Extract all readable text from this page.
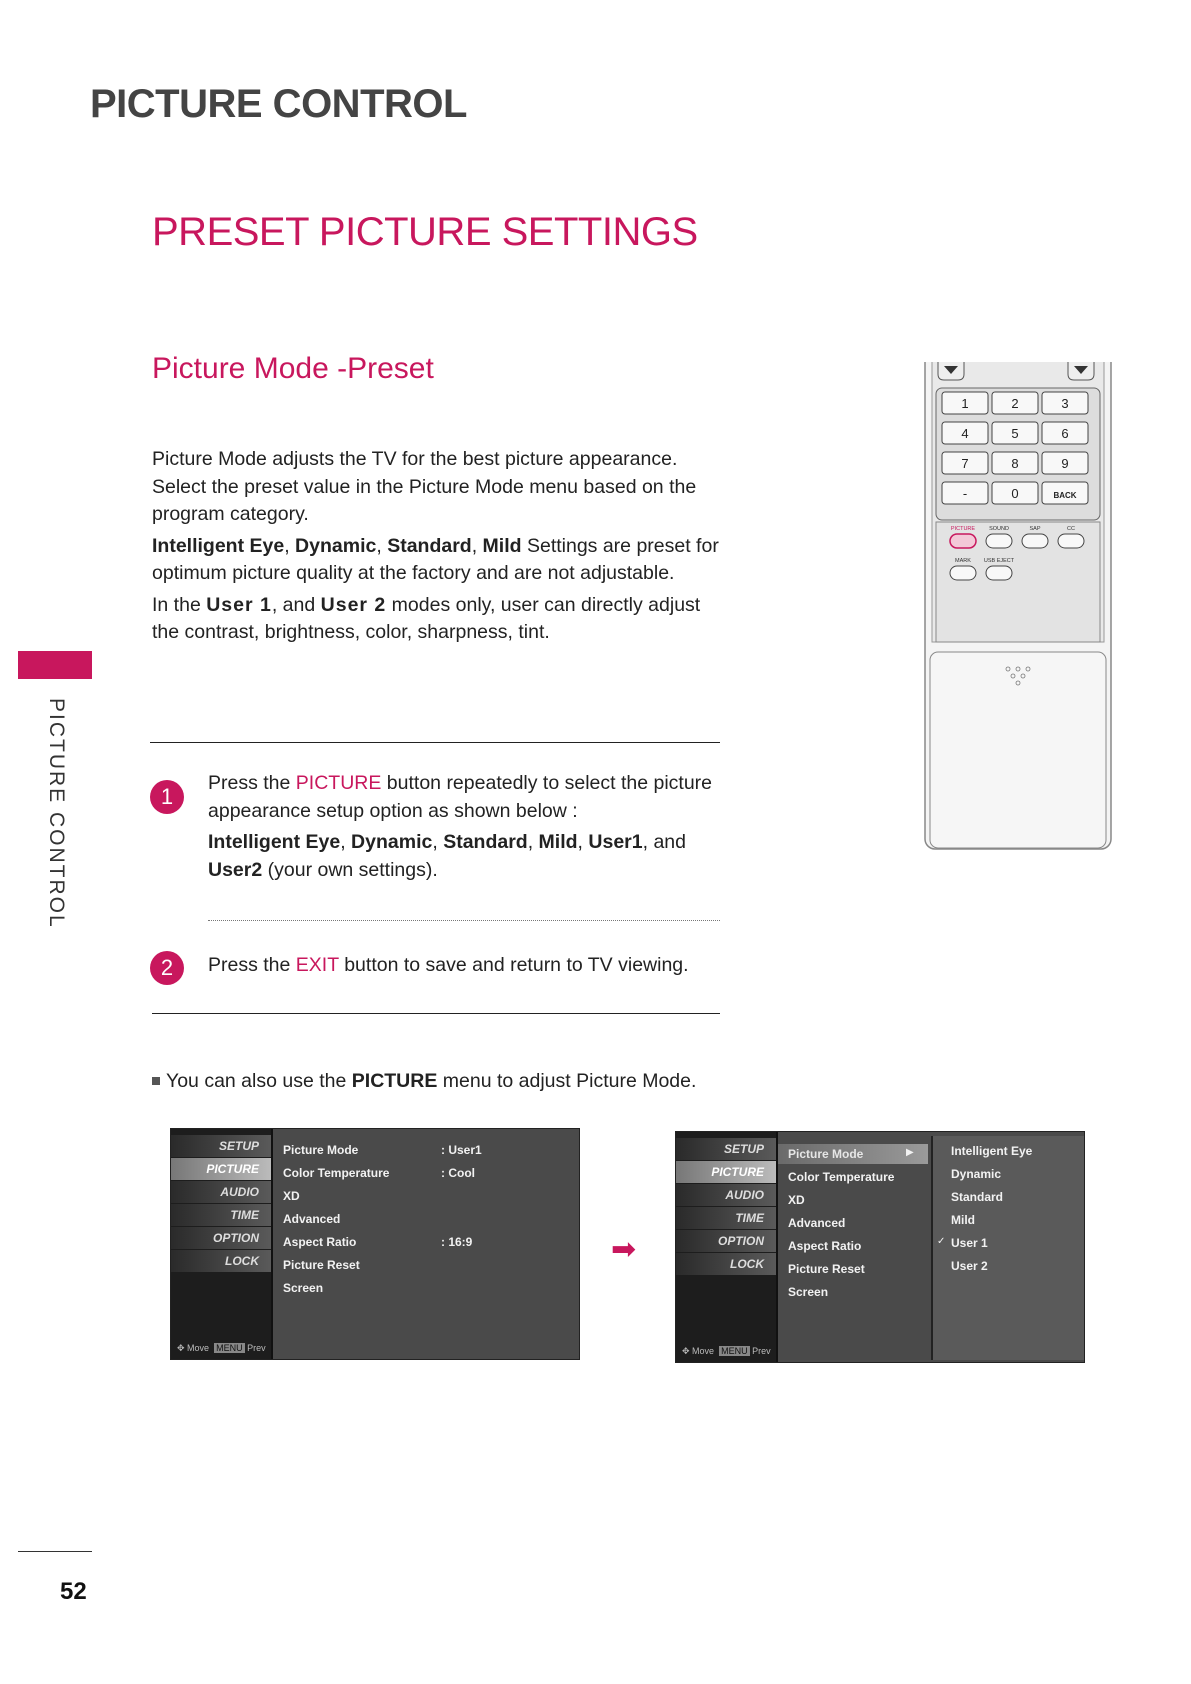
PICTURE CONTROL
PRESET PICTURE SETTINGS
Picture Mode -Preset
PICTURE CONTROL

Picture Mode adjusts the TV for the best picture appearance. Select the preset value in the Picture Mode menu based on the program category.

Intelligent Eye, Dynamic, Standard, Mild Settings are preset for optimum picture quality at the factory and are not adjustable.

In the User 1, and User 2 modes only, user can directly adjust the contrast, brightness, color, sharpness, tint.

1
Press the PICTURE button repeatedly to select the picture appearance setup option as shown below :
Intelligent Eye, Dynamic, Standard, Mild, User1, and
User2 (your own settings).
2	Press the EXIT button to save and return to TV viewing.
You can also use the PICTURE menu to adjust Picture Mode.
1	2	3
4	5	6
7	8	9
-	0	BACK
PICTURE	SOUND	SAP	CC
MARK USB EJECT
SETUP
PICTURE
AUDIO
TIME
OPTION
LOCK
✥ Move MENU Prev
Picture Mode	: User1
Color Temperature	: Cool
XD
Advanced
Aspect Ratio	: 16:9
Picture Reset
Screen
➡
SETUP
PICTURE
AUDIO
TIME
OPTION
LOCK
✥ Move MENU Prev
Picture Mode	▶
Color Temperature
XD
Advanced
Aspect Ratio
Picture Reset
Screen
Intelligent Eye
Dynamic
Standard
Mild
✓ User 1
User 2
52
